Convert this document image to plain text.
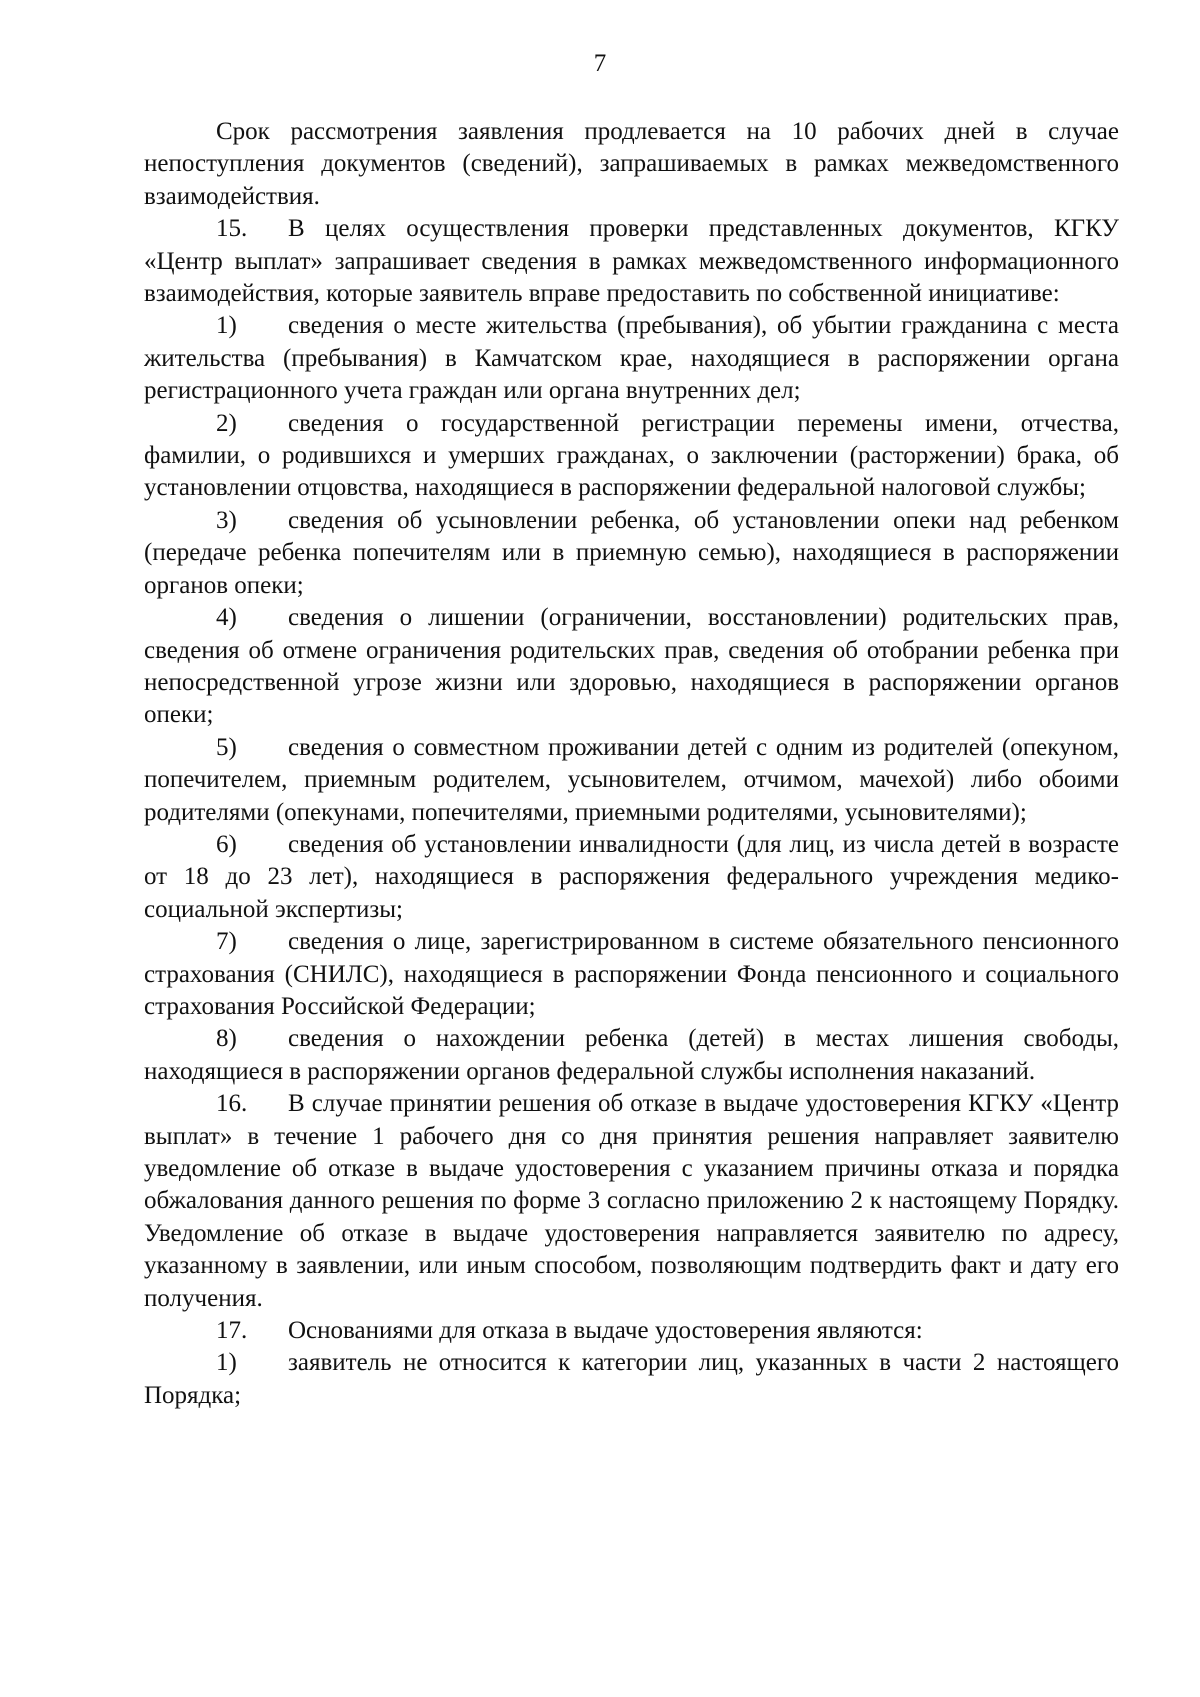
7

Срок рассмотрения заявления продлевается на 10 рабочих дней в случае непоступления документов (сведений), запрашиваемых в рамках межведомственного взаимодействия.

15. В целях осуществления проверки представленных документов, КГКУ «Центр выплат» запрашивает сведения в рамках межведомственного информационного взаимодействия, которые заявитель вправе предоставить по собственной инициативе:

1) сведения о месте жительства (пребывания), об убытии гражданина с места жительства (пребывания) в Камчатском крае, находящиеся в распоряжении органа регистрационного учета граждан или органа внутренних дел;

2) сведения о государственной регистрации перемены имени, отчества, фамилии, о родившихся и умерших гражданах, о заключении (расторжении) брака, об установлении отцовства, находящиеся в распоряжении федеральной налоговой службы;

3) сведения об усыновлении ребенка, об установлении опеки над ребенком (передаче ребенка попечителям или в приемную семью), находящиеся в распоряжении органов опеки;

4) сведения о лишении (ограничении, восстановлении) родительских прав, сведения об отмене ограничения родительских прав, сведения об отобрании ребенка при непосредственной угрозе жизни или здоровью, находящиеся в распоряжении органов опеки;

5) сведения о совместном проживании детей с одним из родителей (опекуном, попечителем, приемным родителем, усыновителем, отчимом, мачехой) либо обоими родителями (опекунами, попечителями, приемными родителями, усыновителями);

6) сведения об установлении инвалидности (для лиц, из числа детей в возрасте от 18 до 23 лет), находящиеся в распоряжения федерального учреждения медико-социальной экспертизы;

7) сведения о лице, зарегистрированном в системе обязательного пенсионного страхования (СНИЛС), находящиеся в распоряжении Фонда пенсионного и социального страхования Российской Федерации;

8) сведения о нахождении ребенка (детей) в местах лишения свободы, находящиеся в распоряжении органов федеральной службы исполнения наказаний.

16. В случае принятии решения об отказе в выдаче удостоверения КГКУ «Центр выплат» в течение 1 рабочего дня со дня принятия решения направляет заявителю уведомление об отказе в выдаче удостоверения с указанием причины отказа и порядка обжалования данного решения по форме 3 согласно приложению 2 к настоящему Порядку. Уведомление об отказе в выдаче удостоверения направляется заявителю по адресу, указанному в заявлении, или иным способом, позволяющим подтвердить факт и дату его получения.

17. Основаниями для отказа в выдаче удостоверения являются:

1) заявитель не относится к категории лиц, указанных в части 2 настоящего Порядка;
